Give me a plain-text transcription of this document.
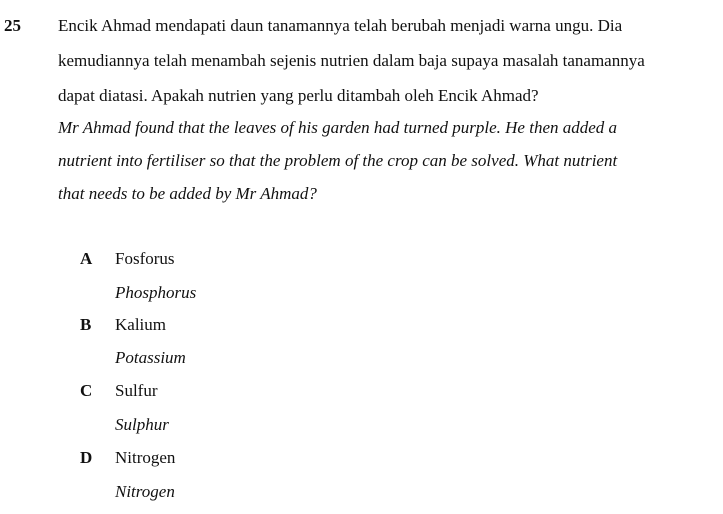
25 Encik Ahmad mendapati daun tanamannya telah berubah menjadi warna ungu. Dia
kemudiannya telah menambah sejenis nutrien dalam baja supaya masalah tanamannya
dapat diatasi. Apakah nutrien yang perlu ditambah oleh Encik Ahmad?
Mr Ahmad found that the leaves of his garden had turned purple. He then added a
nutrient into fertiliser so that the problem of the crop can be solved. What nutrient
that needs to be added by Mr Ahmad?
A Fosforus
Phosphorus
B Kalium
Potassium
C Sulfur
Sulphur
D Nitrogen
Nitrogen
